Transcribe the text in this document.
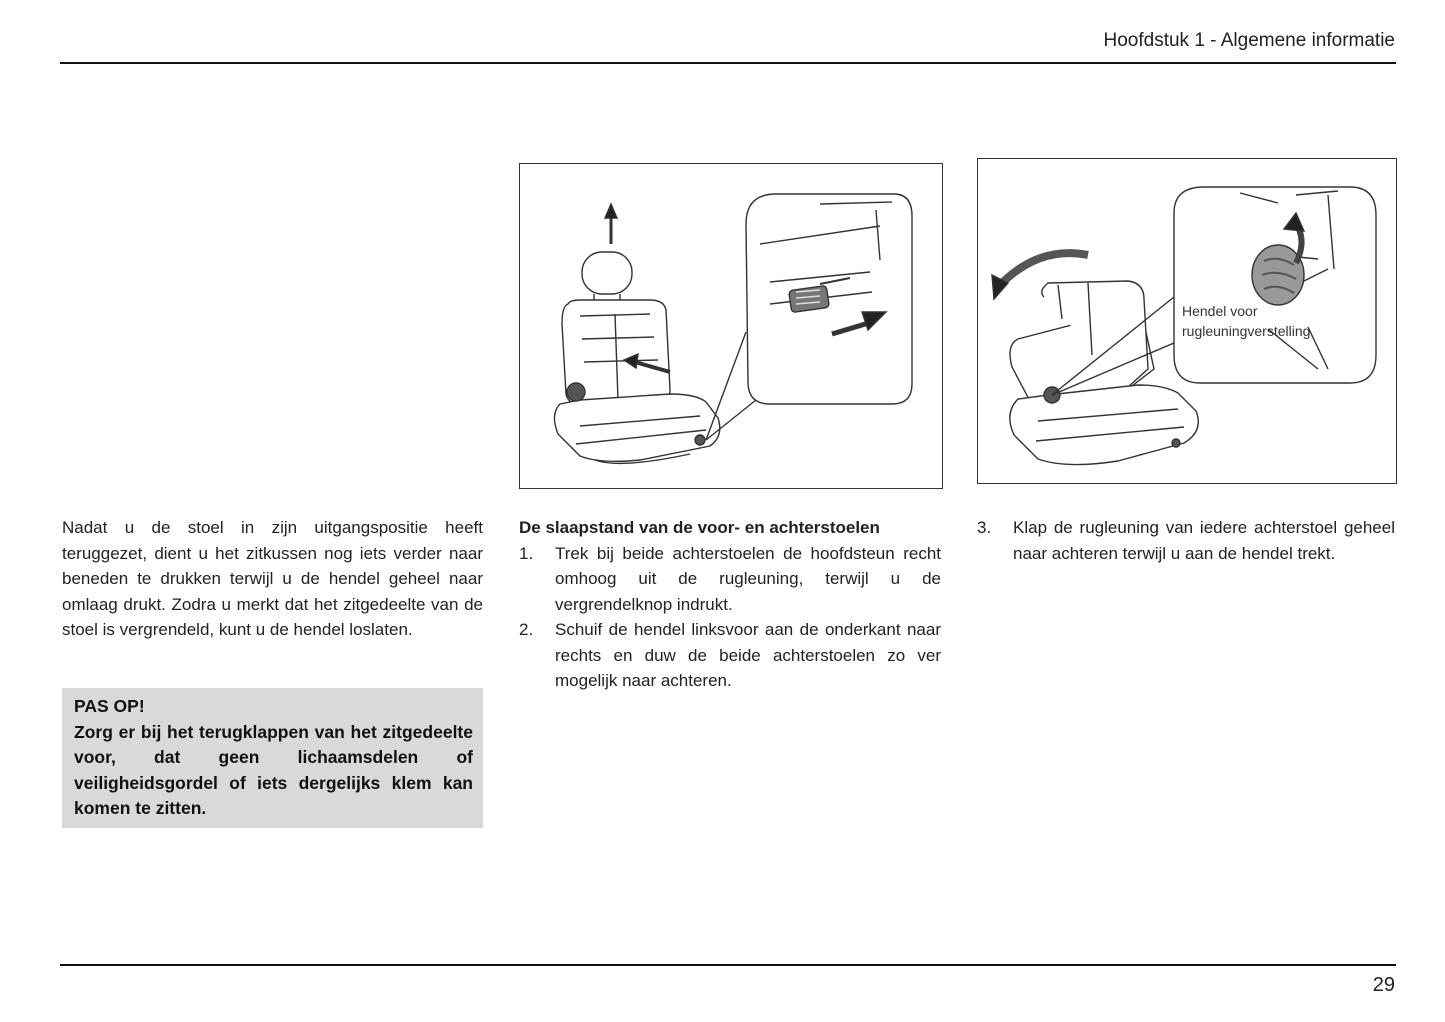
Hoofdstuk 1 - Algemene informatie
Hendel voor
rugleuningverstelling

Nadat u de stoel in zijn uitgangspositie heeft teruggezet, dient u het zitkussen nog iets verder naar beneden te drukken terwijl u de hendel geheel naar omlaag drukt. Zodra u merkt dat het zitgedeelte van de stoel is vergrendeld, kunt u de hendel loslaten.

PAS OP!

Zorg er bij het terugklappen van het zitgedeelte voor, dat geen lichaamsdelen of veiligheidsgordel of iets dergelijks klem kan komen te zitten.

De slaapstand van de voor- en achterstoelen

1.	Trek bij beide achterstoelen de hoofdsteun recht omhoog uit de rugleuning, terwijl u de vergrendelknop indrukt.
2.	Schuif de hendel linksvoor aan de onderkant naar rechts en duw de beide achterstoelen zo ver mogelijk naar achteren.
3.	Klap de rugleuning van iedere achterstoel geheel naar achteren terwijl u aan de hendel trekt.
29
